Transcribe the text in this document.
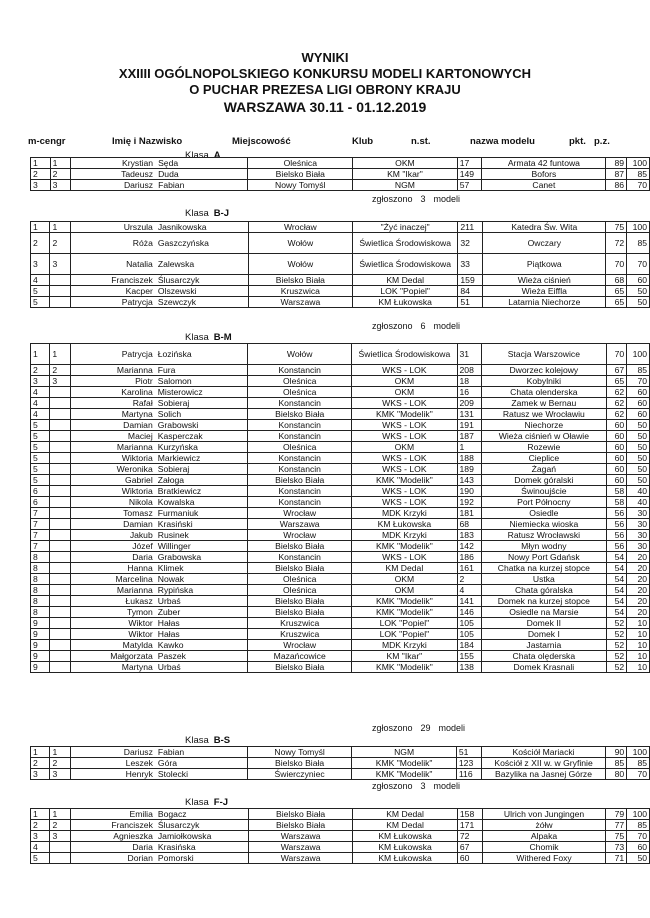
WYNIKI
XXIIII OGÓLNOPOLSKIEGO KONKURSU MODELI KARTONOWYCH
O PUCHAR PREZESA LIGI OBRONY KRAJU
WARSZAWA 30.11 - 01.12.2019
m-cengr	Imię i Nazwisko	Miejscowość	Klub	n.st.	nazwa modelu	pkt. p.z.
Klasa A
1	1	Krystian Sęda	Oleśnica	OKM	17	Armata 42 funtowa	89	100
2	2	Tadeusz Duda	Bielsko Biała	KM "Ikar"	149	Bofors	87	85
3	3	Dariusz Fabian	Nowy Tomyśl	NGM	57	Canet	86	70
zgłoszono 3 modeli
Klasa B-J
1	1	Urszula Jasnikowska	Wrocław	"Żyć inaczej"	211	Katedra Św. Wita	75	100
2	2	Róża Gaszczyńska	Wołów	Świetlica Środowiskowa	32	Owczary	72	85
3	3	Natalia Zalewska	Wołów	Świetlica Środowiskowa	33	Piątkowa	70	70
4		Franciszek Ślusarczyk	Bielsko Biała	KM Dedal	159	Wieża ciśnień	68	60
5		Kacper Olszewski	Kruszwica	LOK "Popiel"	84	Wieża Eiffla	65	50
5		Patrycja Szewczyk	Warszawa	KM Łukowska	51	Latarnia Niechorze	65	50
zgłoszono 6 modeli
Klasa B-M
1	1	Patrycja Łozińska	Wołów	Świetlica Środowiskowa	31	Stacja Warszowice	70	100
2	2	Marianna Fura	Konstancin	WKS - LOK	208	Dworzec kolejowy	67	85
3	3	Piotr Salomon	Oleśnica	OKM	18	Kobylniki	65	70
4		Karolina Misterowicz	Oleśnica	OKM	16	Chata olenderska	62	60
4		Rafał Sobieraj	Konstancin	WKS - LOK	209	Zamek w Bernau	62	60
4		Martyna Solich	Bielsko Biała	KMK "Modelik"	131	Ratusz we Wrocławiu	62	60
5		Damian Grabowski	Konstancin	WKS - LOK	191	Niechorze	60	50
5		Maciej Kasperczak	Konstancin	WKS - LOK	187	Wieża ciśnień w Oławie	60	50
5		Marianna Kurzyńska	Oleśnica	OKM	1	Rozewie	60	50
5		Wiktoria Markiewicz	Konstancin	WKS - LOK	188	Cieplice	60	50
5		Weronika Sobieraj	Konstancin	WKS - LOK	189	Żagań	60	50
5		Gabriel Załoga	Bielsko Biała	KMK "Modelik"	143	Domek góralski	60	50
6		Wiktoria Bratkiewicz	Konstancin	WKS - LOK	190	Świnoujście	58	40
6		Nikola Kowalska	Konstancin	WKS - LOK	192	Port Północny	58	40
7		Tomasz Furmaniuk	Wrocław	MDK Krzyki	181	Osiedle	56	30
7		Damian Krasiński	Warszawa	KM Łukowska	68	Niemiecka wioska	56	30
7		Jakub Rusinek	Wrocław	MDK Krzyki	183	Ratusz Wrocławski	56	30
7		Józef Willinger	Bielsko Biała	KMK "Modelik"	142	Młyn wodny	56	30
8		Daria Grabowska	Konstancin	WKS - LOK	186	Nowy Port Gdańsk	54	20
8		Hanna Klimek	Bielsko Biała	KM Dedal	161	Chatka na kurzej stopce	54	20
8		Marcelina Nowak	Oleśnica	OKM	2	Ustka	54	20
8		Marianna Rypińska	Oleśnica	OKM	4	Chata góralska	54	20
8		Łukasz Urbaś	Bielsko Biała	KMK "Modelik"	141	Domek na kurzej stopce	54	20
8		Tymon Zuber	Bielsko Biała	KMK "Modelik"	146	Osiedle na Marsie	54	20
9		Wiktor Hałas	Kruszwica	LOK "Popiel"	105	Domek II	52	10
9		Wiktor Hałas	Kruszwica	LOK "Popiel"	105	Domek I	52	10
9		Matylda Kawko	Wrocław	MDK Krzyki	184	Jastarnia	52	10
9		Małgorzata Paszek	Mazańcowice	KM "Ikar"	155	Chata olęderska	52	10
9		Martyna Urbaś	Bielsko Biała	KMK "Modelik"	138	Domek Krasnali	52	10
zgłoszono 29 modeli
Klasa B-S
1	1	Dariusz Fabian	Nowy Tomyśl	NGM	51	Kościół Mariacki	90	100
2	2	Leszek Góra	Bielsko Biała	KMK "Modelik"	123	Kościół z XII w. w Gryfinie	85	85
3	3	Henryk Stolecki	Świerczyniec	KMK "Modelik"	116	Bazylika na Jasnej Górze	80	70
zgłoszono 3 modeli
Klasa F-J
1	1	Emilia Bogacz	Bielsko Biała	KM Dedal	158	Ulrich von Jungingen	79	100
2	2	Franciszek Ślusarczyk	Bielsko Biała	KM Dedal	171	żółw	77	85
3	3	Agnieszka Jamiołkowska	Warszawa	KM Łukowska	72	Alpaka	75	70
4		Daria Krasińska	Warszawa	KM Łukowska	67	Chomik	73	60
5		Dorian Pomorski	Warszawa	KM Łukowska	60	Withered Foxy	71	50
